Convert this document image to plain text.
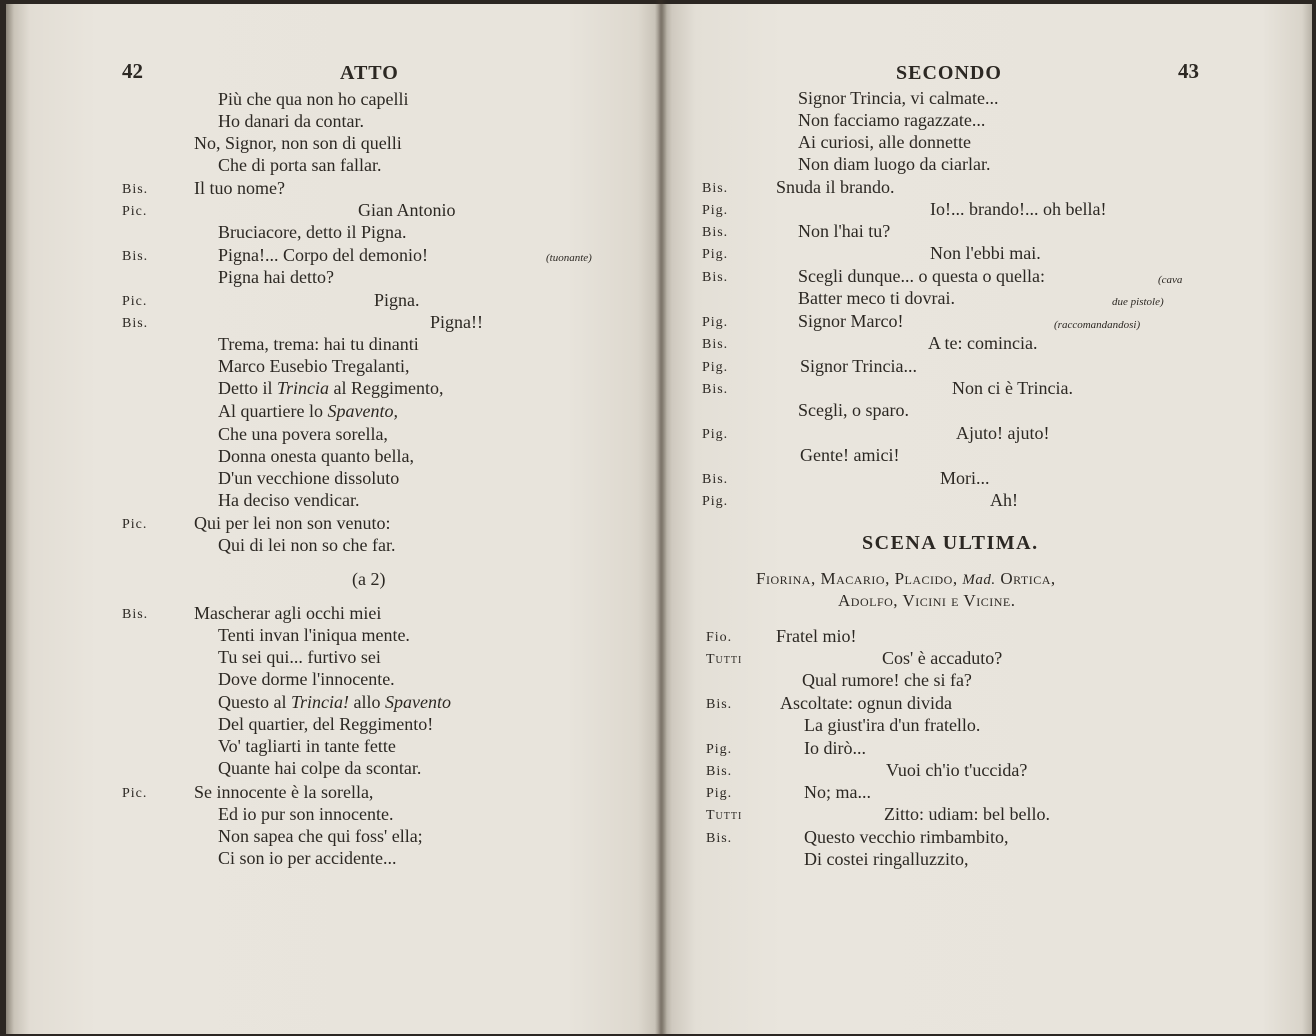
42	ATTO
Più che qua non ho capelli
Ho danari da contar.
No, Signor, non son di quelli
Che di porta san fallar.
Bis.	Il tuo nome?
Pic.	Gian Antonio
Bruciacore, detto il Pigna.
Bis.	Pigna!... Corpo del demonio!	(tuonante)
Pigna hai detto?
Pic.	Pigna.
Bis.	Pigna!!
Trema, trema: hai tu dinanti
Marco Eusebio Tregalanti,
Detto il Trincia al Reggimento,
Al quartiere lo Spavento,
Che una povera sorella,
Donna onesta quanto bella,
D'un vecchione dissoluto
Ha deciso vendicar.
Pic.	Qui per lei non son venuto:
Qui di lei non so che far.
(a 2)
Bis.	Mascherar agli occhi miei
Tenti invan l'iniqua mente.
Tu sei qui... furtivo sei
Dove dorme l'innocente.
Questo al Trincia! allo Spavento
Del quartier, del Reggimento!
Vo' tagliarti in tante fette
Quante hai colpe da scontar.
Pic.	Se innocente è la sorella,
Ed io pur son innocente.
Non sapea che qui foss' ella;
Ci son io per accidente...
SECONDO	43
Signor Trincia, vi calmate...
Non facciamo ragazzate...
Ai curiosi, alle donnette
Non diam luogo da ciarlar.
Bis.	Snuda il brando.
Pig.	Io!... brando!... oh bella!
Bis.	Non l'hai tu?
Pig.	Non l'ebbi mai.
Bis.	Scegli dunque... o questa o quella:	(cava
Batter meco ti dovrai.	due pistole)
Pig.	Signor Marco!	(raccomandandosi)
Bis.	A te: comincia.
Pig.	Signor Trincia...
Bis.	Non ci è Trincia.
Scegli, o sparo.
Pig.	Ajuto! ajuto!
Gente! amici!
Bis.	Mori...
Pig.	Ah!
SCENA ULTIMA.
Fiorina, Macario, Placido, Mad. Ortica,
Adolfo, Vicini e Vicine.
Fio. Fratel mio!
Tutti	Cos' è accaduto?
Qual rumore! che si fa?
Bis.	Ascoltate: ognun divida
La giust'ira d'un fratello.
Pig.	Io dirò...
Bis.	Vuoi ch'io t'uccida?
Pig.	No; ma...
Tutti	Zitto: udiam: bel bello.
Bis.	Questo vecchio rimbambito,
Di costei ringalluzzito,
